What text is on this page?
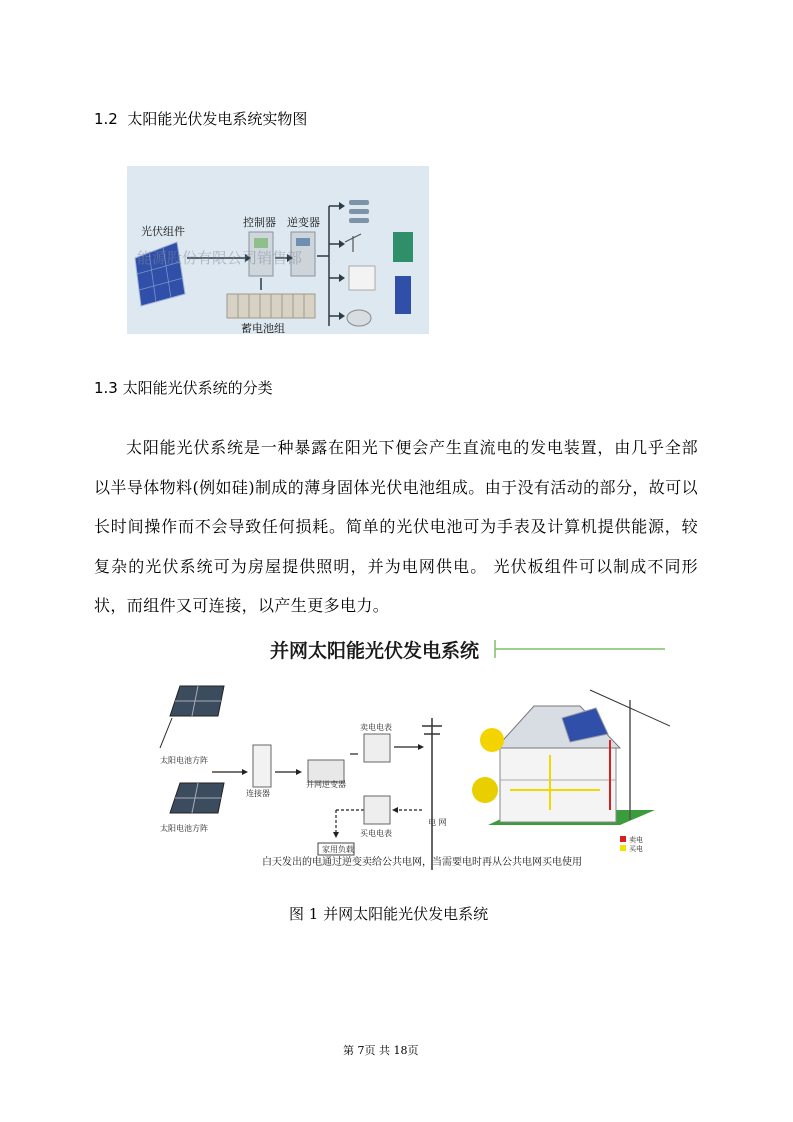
1.2 太阳能光伏发电系统实物图
光伏组件
控制器 逆变器
蓄电池组
能源股份有限公司销售部
1.3 太阳能光伏系统的分类
太阳能光伏系统是一种暴露在阳光下便会产生直流电的发电装置，由几乎全部以半导体物料(例如硅)制成的薄身固体光伏电池组成。由于没有活动的部分，故可以长时间操作而不会导致任何损耗。简单的光伏电池可为手表及计算机提供能源，较复杂的光伏系统可为房屋提供照明，并为电网供电。 光伏板组件可以制成不同形状，而组件又可连接，以产生更多电力。
并网太阳能光伏发电系统
太阳电池方阵
太阳电池方阵
连接器
并网逆变器
卖电电表
电 网
买电电表
家用负载
白天发出的电通过逆变卖给公共电网，当需要电时再从公共电网买电使用
卖电
买电
图 1 并网太阳能光伏发电系统
第 7页 共 18页
